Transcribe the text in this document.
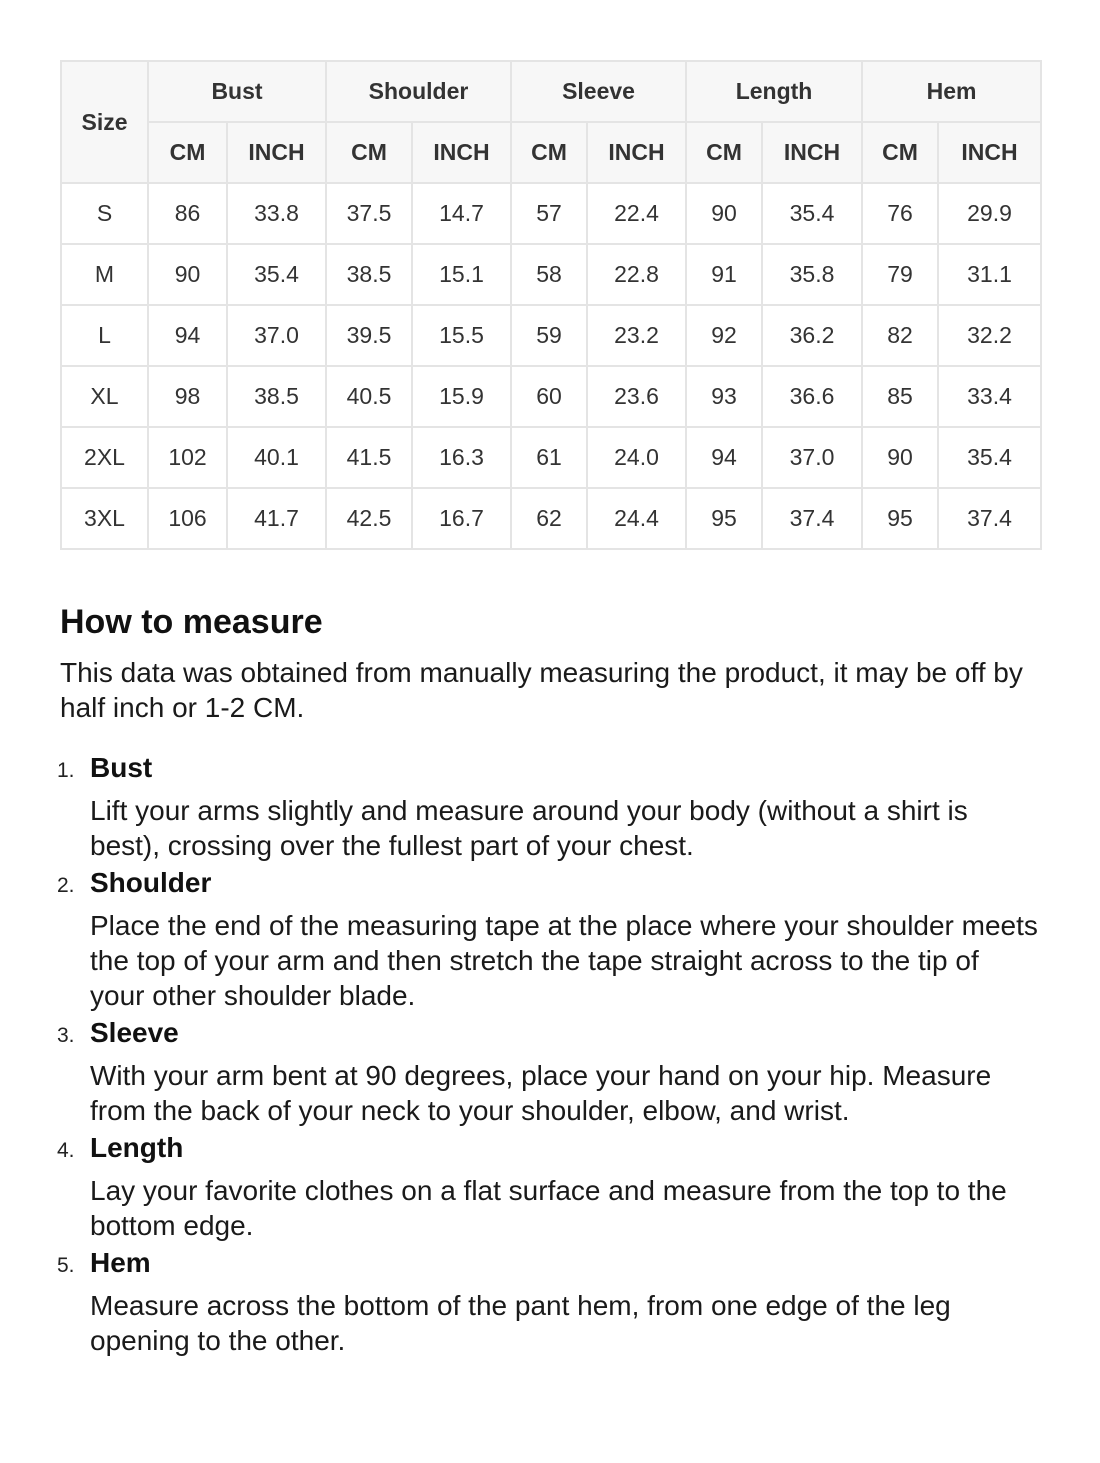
Size	Bust		Shoulder		Sleeve		Length		Hem	
	CM	INCH	CM	INCH	CM	INCH	CM	INCH	CM	INCH
S	86	33.8	37.5	14.7	57	22.4	90	35.4	76	29.9
M	90	35.4	38.5	15.1	58	22.8	91	35.8	79	31.1
L	94	37.0	39.5	15.5	59	23.2	92	36.2	82	32.2
XL	98	38.5	40.5	15.9	60	23.6	93	36.6	85	33.4
2XL	102	40.1	41.5	16.3	61	24.0	94	37.0	90	35.4
3XL	106	41.7	42.5	16.7	62	24.4	95	37.4	95	37.4
How to measure

This data was obtained from manually measuring the product, it may be off by half inch or 1-2 CM.

1. Bust
Lift your arms slightly and measure around your body (without a shirt is best), crossing over the fullest part of your chest.
2. Shoulder
Place the end of the measuring tape at the place where your shoulder meets the top of your arm and then stretch the tape straight across to the tip of your other shoulder blade.
3. Sleeve
With your arm bent at 90 degrees, place your hand on your hip. Measure from the back of your neck to your shoulder, elbow, and wrist.
4. Length
Lay your favorite clothes on a flat surface and measure from the top to the bottom edge.
5. Hem
Measure across the bottom of the pant hem, from one edge of the leg opening to the other.
